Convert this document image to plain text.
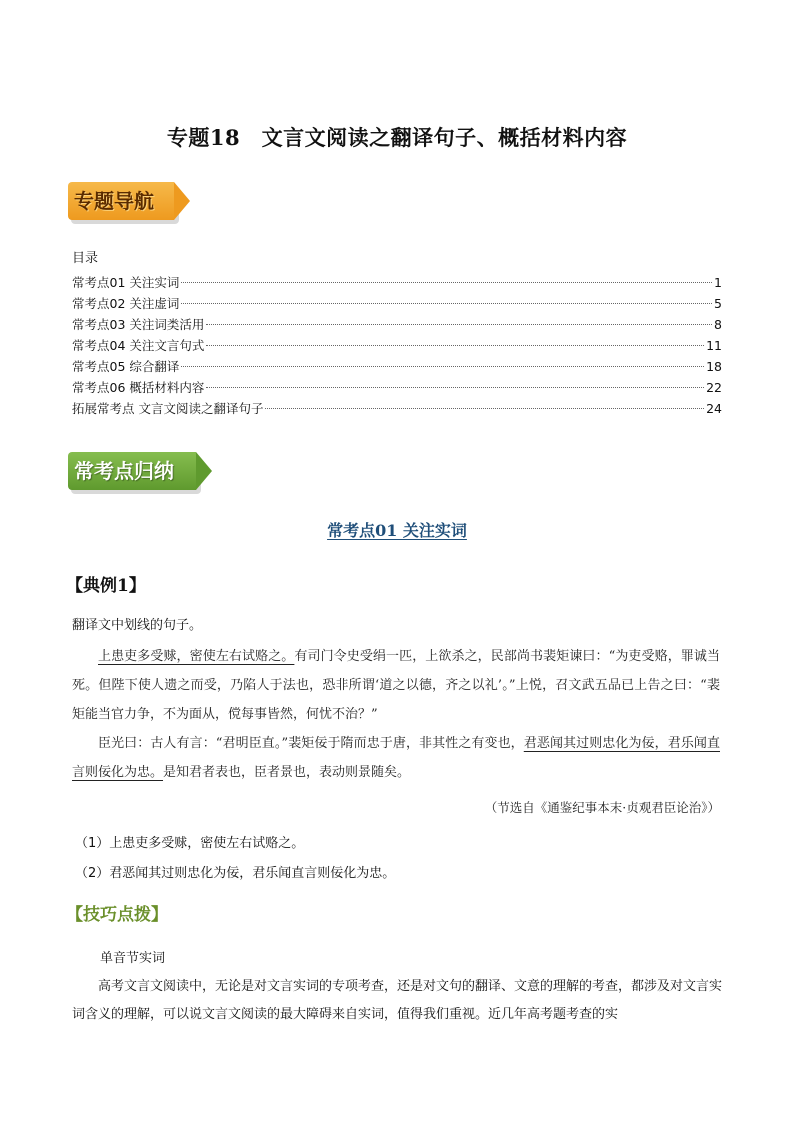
专题18　文言文阅读之翻译句子、概括材料内容
专题导航
目录
常考点01 关注实词	1
常考点02 关注虚词	5
常考点03 关注词类活用	8
常考点04 关注文言句式	11
常考点05 综合翻译	18
常考点06 概括材料内容	22
拓展常考点 文言文阅读之翻译句子	24
常考点归纳
常考点01 关注实词
【典例1】
翻译文中划线的句子。

上患吏多受赇，密使左右试赂之。有司门令史受绢一匹，上欲杀之，民部尚书裴矩谏曰：“为吏受赂，罪诚当死。但陛下使人遗之而受，乃陷人于法也，恐非所谓‘道之以德，齐之以礼’。”上悦，召文武五品已上告之曰：“裴矩能当官力争，不为面从，傥每事皆然，何忧不治？”

臣光曰：古人有言：“君明臣直。”裴矩佞于隋而忠于唐，非其性之有变也，君恶闻其过则忠化为佞，君乐闻直言则佞化为忠。是知君者表也，臣者景也，表动则景随矣。

（节选自《通鉴纪事本末·贞观君臣论治》）
（1）上患吏多受赇，密使左右试赂之。
（2）君恶闻其过则忠化为佞，君乐闻直言则佞化为忠。
【技巧点拨】
单音节实词
高考文言文阅读中，无论是对文言实词的专项考查，还是对文句的翻译、文意的理解的考查，都涉及对文言实词含义的理解，可以说文言文阅读的最大障碍来自实词，值得我们重视。近几年高考题考查的实
